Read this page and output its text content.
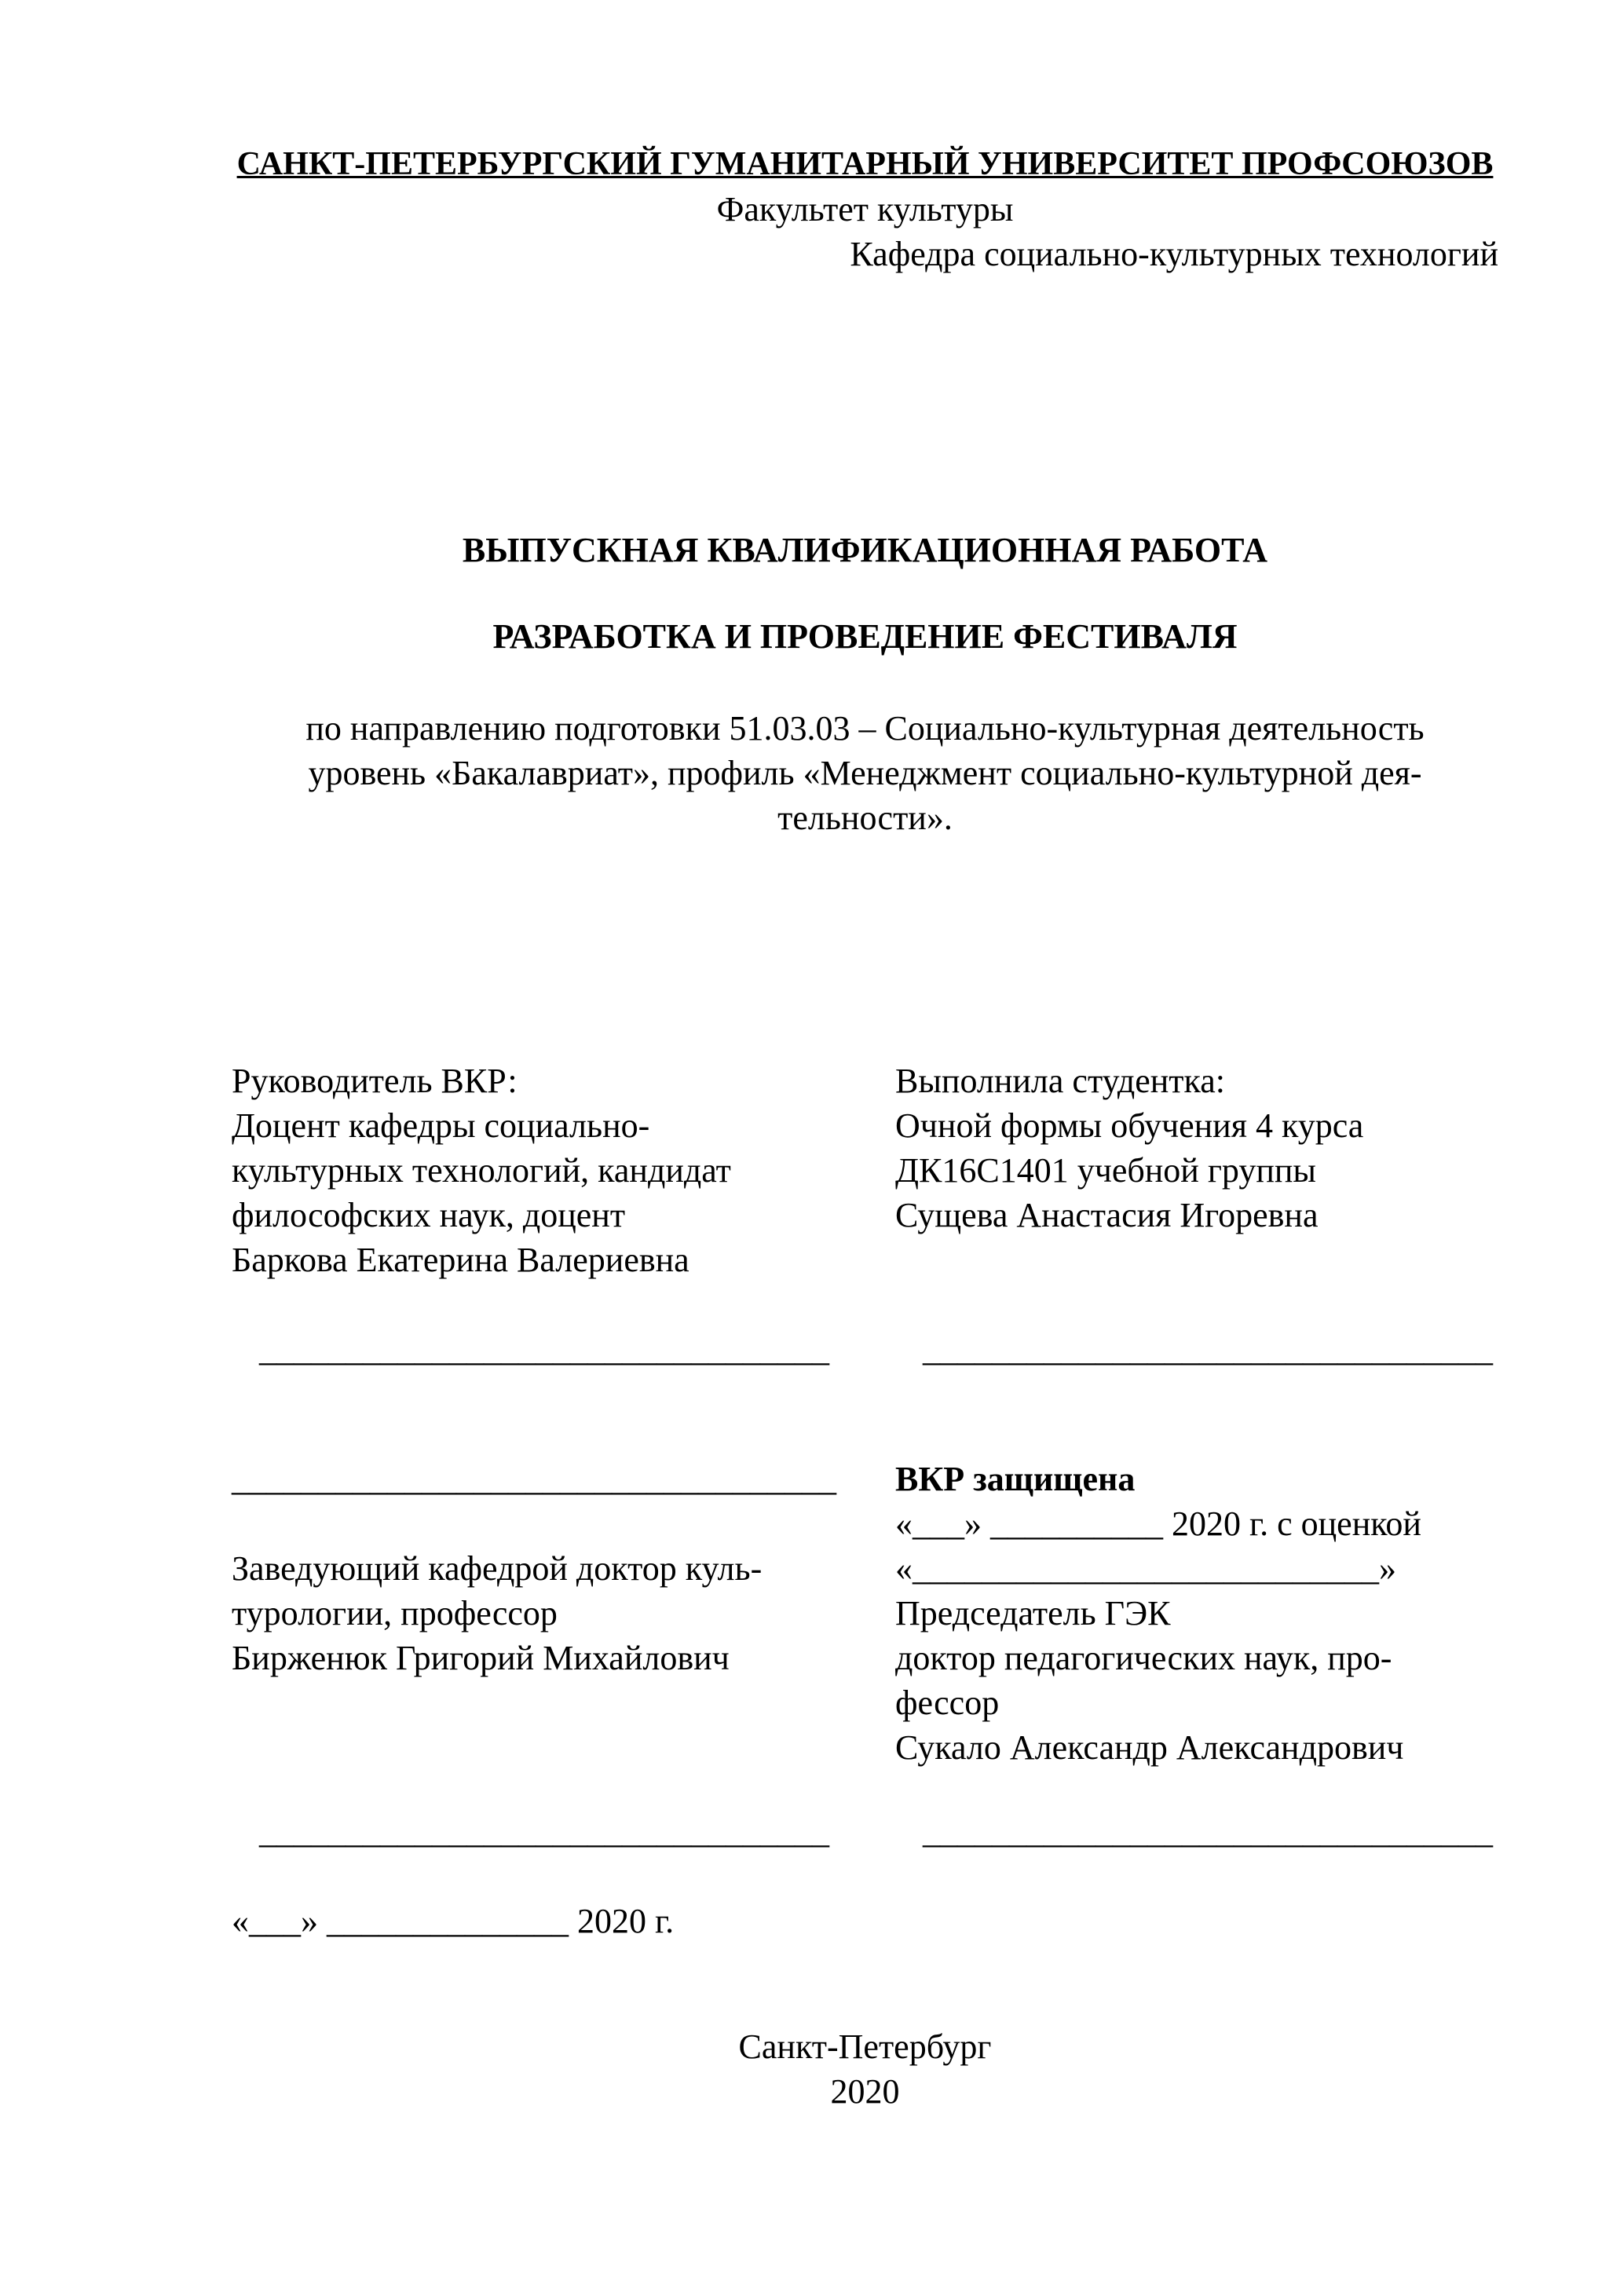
САНКТ-ПЕТЕРБУРГСКИЙ ГУМАНИТАРНЫЙ УНИВЕРСИТЕТ ПРОФСОЮЗОВ
Факультет культуры
Кафедра социально-культурных технологий
ВЫПУСКНАЯ КВАЛИФИКАЦИОННАЯ РАБОТА
РАЗРАБОТКА И ПРОВЕДЕНИЕ ФЕСТИВАЛЯ
по направлению подготовки 51.03.03 – Социально-культурная деятельность
уровень «Бакалавриат», профиль «Менеджмент социально-культурной дея-
тельности».
Руководитель ВКР:
Доцент кафедры социально-
культурных технологий, кандидат
философских наук, доцент
Баркова Екатерина Валериевна
Выполнила студентка:
Очной формы обучения 4 курса
ДК16С1401 учебной группы
Сущева Анастасия Игоревна
_________________________________	_________________________________
___________________________________
Заведующий кафедрой доктор куль-
турологии, профессор
Бирженюк Григорий Михайлович
ВКР защищена
«___» __________ 2020 г. с оценкой
«___________________________»
Председатель ГЭК
доктор педагогических наук, про-
фессор
Сукало Александр Александрович
_________________________________	_________________________________
«___» ______________ 2020 г.
Санкт-Петербург
2020
